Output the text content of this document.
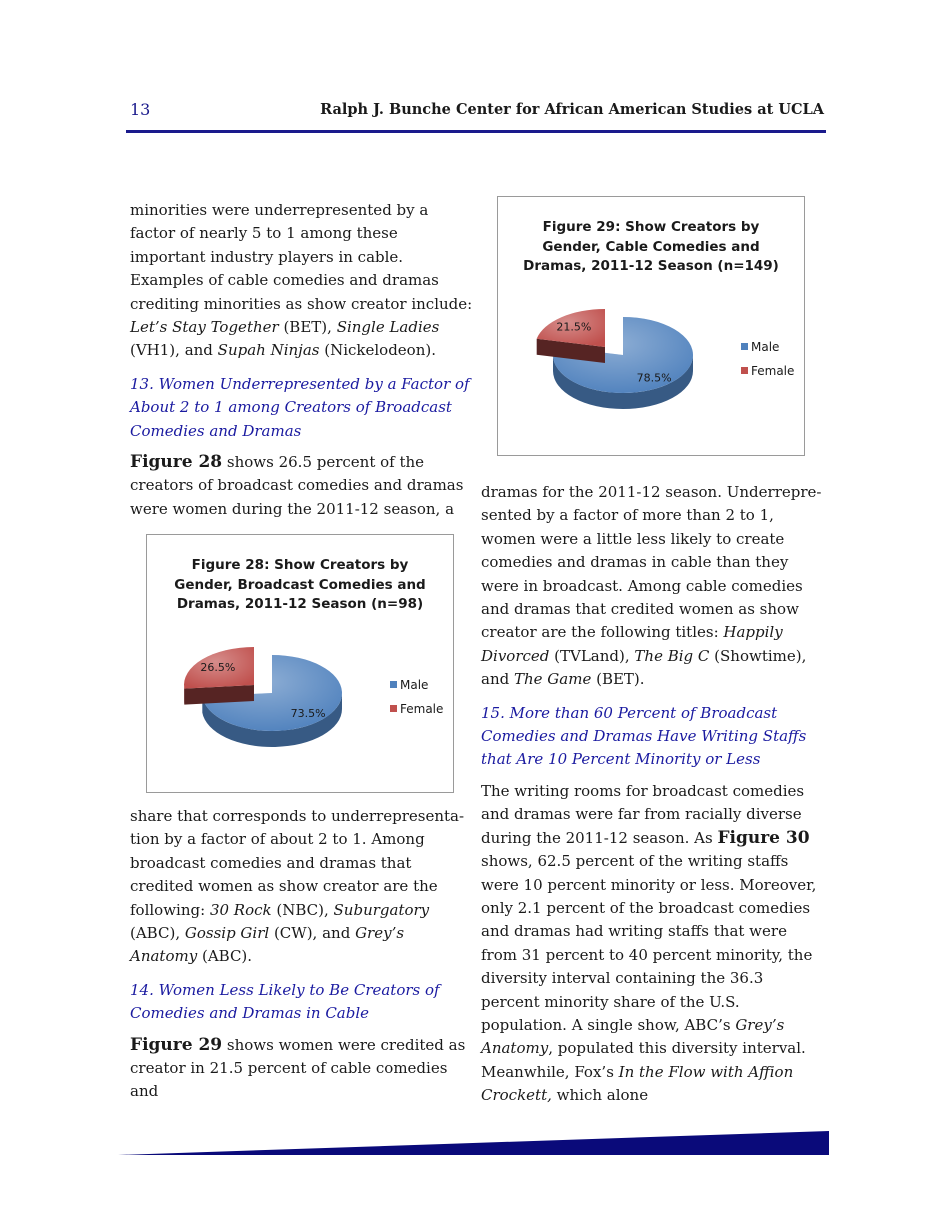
13	Ralph J. Bunche Center for African American Studies at UCLA

minorities were underrepresented by a factor of nearly 5 to 1 among these important industry players in cable. Examples of cable comedies and dramas crediting minorities as show creator include: Let’s Stay Together (BET), Single Ladies (VH1), and Supah Ninjas (Nickelodeon).

13. Women Underrepresented by a Factor of About 2 to 1 among Creators of Broadcast Comedies and Dramas

Figure 28 shows 26.5 percent of the creators of broadcast comedies and dramas were women during the 2011-12 season, a

Figure 28: Show Creators by
Gender, Broadcast Comedies and
Dramas, 2011-12 Season (n=98)
73.5%
26.5%
Male
Female

share that corresponds to underrepresenta-tion by a factor of about 2 to 1. Among broadcast comedies and dramas that credited women as show creator are the following: 30 Rock (NBC), Suburgatory (ABC), Gossip Girl (CW), and Grey’s Anatomy (ABC).

14. Women Less Likely to Be Creators of Comedies and Dramas in Cable

Figure 29 shows women were credited as creator in 21.5 percent of cable comedies and

Figure 29: Show Creators by
Gender, Cable Comedies and
Dramas, 2011-12 Season (n=149)
78.5%
21.5%
Male
Female

dramas for the 2011-12 season. Underrepre-sented by a factor of more than 2 to 1, women were a little less likely to create comedies and dramas in cable than they were in broadcast. Among cable comedies and dramas that credited women as show creator are the following titles: Happily Divorced (TVLand), The Big C (Showtime), and The Game (BET).

15. More than 60 Percent of Broadcast Comedies and Dramas Have Writing Staffs that Are 10 Percent Minority or Less

The writing rooms for broadcast comedies and dramas were far from racially diverse during the 2011-12 season. As Figure 30 shows, 62.5 percent of the writing staffs were 10 percent minority or less. Moreover, only 2.1 percent of the broadcast comedies and dramas had writing staffs that were from 31 percent to 40 percent minority, the diversity interval containing the 36.3 percent minority share of the U.S. population. A single show, ABC’s Grey’s Anatomy, populated this diversity interval. Meanwhile, Fox’s In the Flow with Affion Crockett, which alone
